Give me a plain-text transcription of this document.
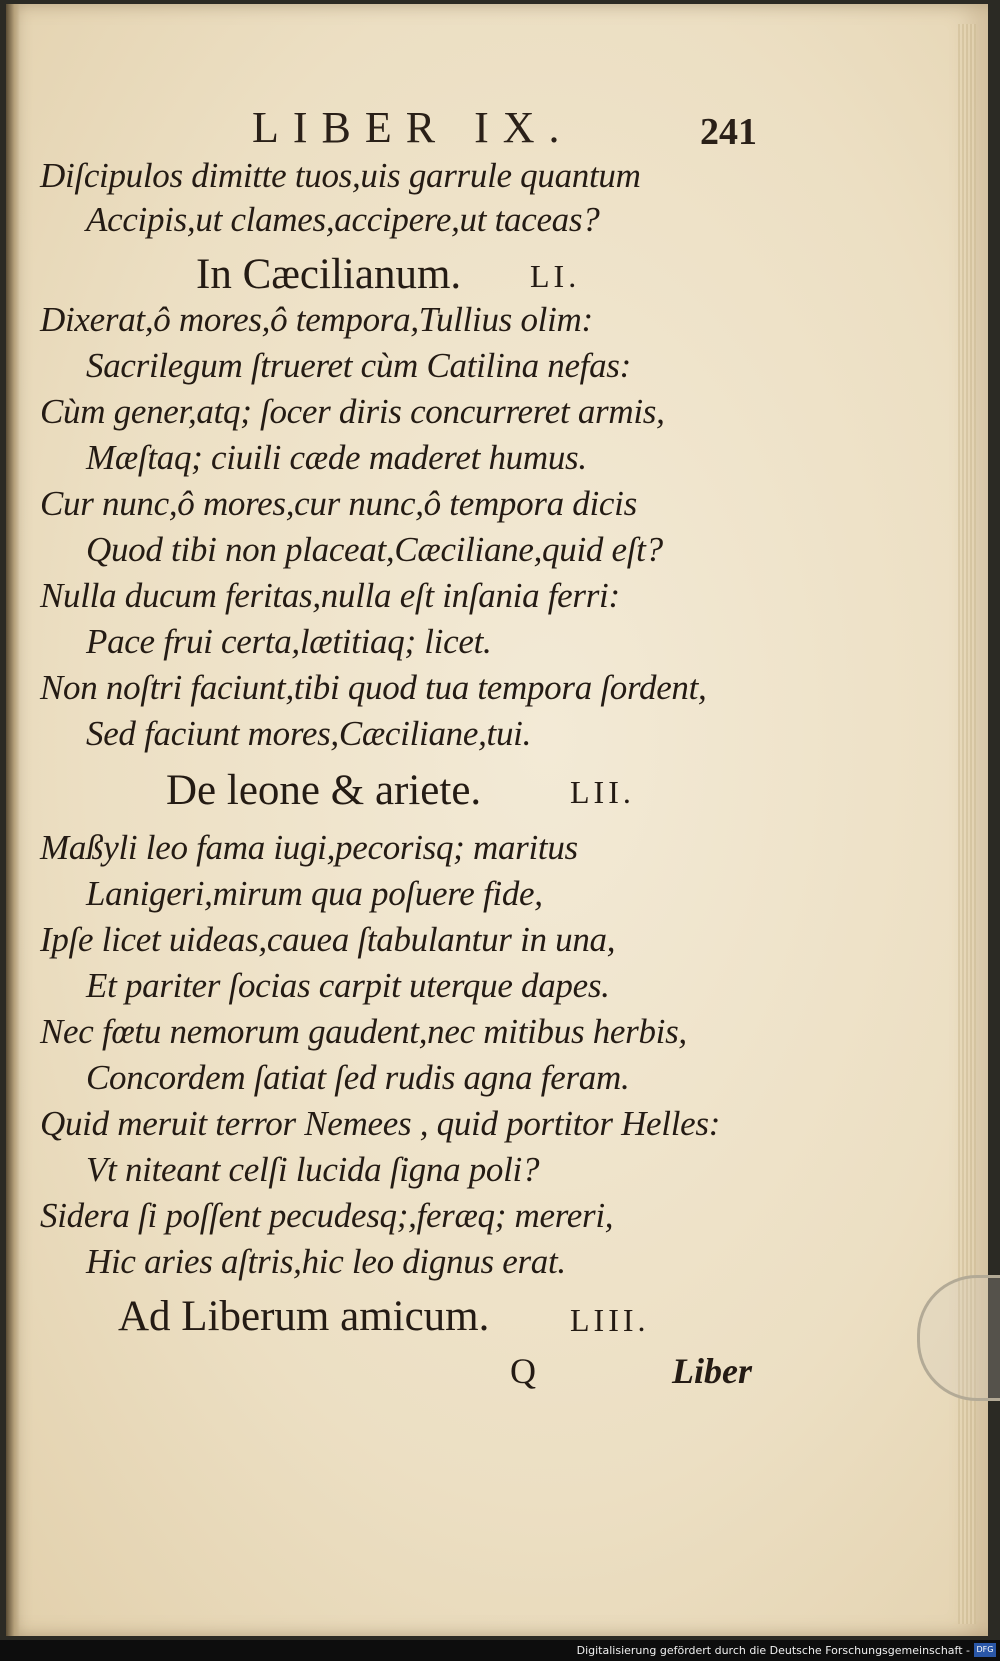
LIBER IX.	241
Diſcipulos dimitte tuos,uis garrule quantum
Accipis,ut clames,accipere,ut taceas?
In Cæcilianum. LI.
Dixerat,ô mores,ô tempora,Tullius olim:
Sacrilegum ſtrueret cùm Catilina nefas:
Cùm gener,atq; ſocer diris concurreret armis,
Mæſtaq; ciuili cæde maderet humus.
Cur nunc,ô mores,cur nunc,ô tempora dicis
Quod tibi non placeat,Cæciliane,quid eſt?
Nulla ducum feritas,nulla eſt inſania ferri:
Pace frui certa,lætitiaq; licet.
Non noſtri faciunt,tibi quod tua tempora ſordent,
Sed faciunt mores,Cæciliane,tui.
De leone & ariete.	LII.
Maßyli leo fama iugi,pecorisq; maritus
Lanigeri,mirum qua poſuere fide,
Ipſe licet uideas,cauea ſtabulantur in una,
Et pariter ſocias carpit uterque dapes.
Nec fœtu nemorum gaudent,nec mitibus herbis,
Concordem ſatiat ſed rudis agna feram.
Quid meruit terror Nemees , quid portitor Helles:
Vt niteant celſi lucida ſigna poli?
Sidera ſi poſſent pecudesq;,feræq; mereri,
Hic aries aſtris,hic leo dignus erat.
Ad Liberum amicum.	LIII.
Q	Liber
Digitalisierung gefördert durch die Deutsche Forschungsgemeinschaft - DFG
